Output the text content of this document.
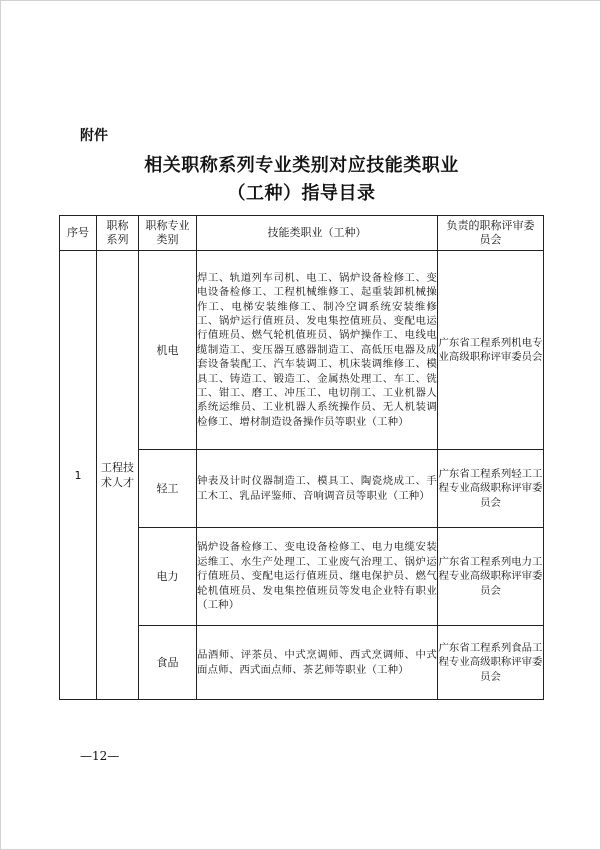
附件
相关职称系列专业类别对应技能类职业
（工种）指导目录
序号	职称系列	职称专业类别	技能类职业（工种）	负责的职称评审委员会
1	工程技术人才	机电	焊工、轨道列车司机、电工、锅炉设备检修工、变电设备检修工、工程机械维修工、起重装卸机械操作工、电梯安装维修工、制冷空调系统安装维修工、锅炉运行值班员、发电集控值班员、变配电运行值班员、燃气轮机值班员、锅炉操作工、电线电缆制造工、变压器互感器制造工、高低压电器及成套设备装配工、汽车装调工、机床装调维修工、模具工、铸造工、锻造工、金属热处理工、车工、铣工、钳工、磨工、冲压工、电切削工、工业机器人系统运维员、工业机器人系统操作员、无人机装调检修工、增材制造设备操作员等职业（工种）	广东省工程系列机电专业高级职称评审委员会
		轻工	钟表及计时仪器制造工、模具工、陶瓷烧成工、手工木工、乳品评鉴师、音响调音员等职业（工种）	广东省工程系列轻工工程专业高级职称评审委员会
		电力	锅炉设备检修工、变电设备检修工、电力电缆安装运维工、水生产处理工、工业废气治理工、锅炉运行值班员、变配电运行值班员、继电保护员、燃气轮机值班员、发电集控值班员等发电企业特有职业（工种）	广东省工程系列电力工程专业高级职称评审委员会
		食品	品酒师、评茶员、中式烹调师、西式烹调师、中式面点师、西式面点师、茶艺师等职业（工种）	广东省工程系列食品工程专业高级职称评审委员会
—12—
